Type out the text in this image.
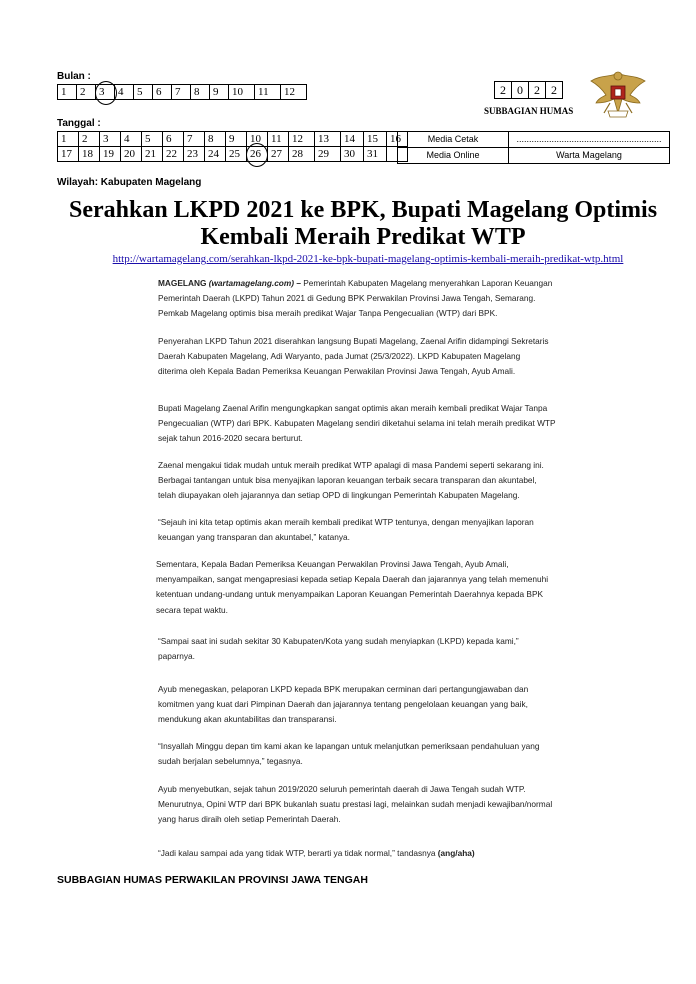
Bulan :
1	2	3	4	5	6	7	8	9	10	11	12
Tanggal :
1	2	3	4	5	6	7	8	9	10	11	12	13	14	15	16
17	18	19	20	21	22	23	24	25	26	27	28	29	30	31	
2	0	2	2
SUBBAGIAN HUMAS
Media Cetak	..........................................................
Media Online	Warta Magelang
Wilayah: Kabupaten Magelang
Serahkan LKPD 2021 ke BPK, Bupati Magelang Optimis
Kembali Meraih Predikat WTP
http://wartamagelang.com/serahkan-lkpd-2021-ke-bpk-bupati-magelang-optimis-kembali-meraih-predikat-wtp.html

MAGELANG (wartamagelang.com) – Pemerintah Kabupaten Magelang menyerahkan Laporan Keuangan

Pemerintah Daerah (LKPD) Tahun 2021 di Gedung BPK Perwakilan Provinsi Jawa Tengah, Semarang.

Pemkab Magelang optimis bisa meraih predikat Wajar Tanpa Pengecualian (WTP) dari BPK.

Penyerahan LKPD Tahun 2021 diserahkan langsung Bupati Magelang, Zaenal Arifin didampingi Sekretaris

Daerah Kabupaten Magelang, Adi Waryanto, pada Jumat (25/3/2022). LKPD Kabupaten Magelang

diterima oleh Kepala Badan Pemeriksa Keuangan Perwakilan Provinsi Jawa Tengah, Ayub Amali.

Bupati Magelang Zaenal Arifin mengungkapkan sangat optimis akan meraih kembali predikat Wajar Tanpa

Pengecualian (WTP) dari BPK. Kabupaten Magelang sendiri diketahui selama ini telah meraih predikat WTP

sejak tahun 2016-2020 secara berturut.

Zaenal mengakui tidak mudah untuk meraih predikat WTP apalagi di masa Pandemi seperti sekarang ini.

Berbagai tantangan untuk bisa menyajikan laporan keuangan terbaik secara transparan dan akuntabel,

telah diupayakan oleh jajarannya dan setiap OPD di lingkungan Pemerintah Kabupaten Magelang.

“Sejauh ini kita tetap optimis akan meraih kembali predikat WTP tentunya, dengan menyajikan laporan

keuangan yang transparan dan akuntabel,” katanya.

Sementara, Kepala Badan Pemeriksa Keuangan Perwakilan Provinsi Jawa Tengah, Ayub Amali,

menyampaikan, sangat mengapresiasi kepada setiap Kepala Daerah dan jajarannya yang telah memenuhi

ketentuan undang-undang untuk menyampaikan Laporan Keuangan Pemerintah Daerahnya kepada BPK

secara tepat waktu.

“Sampai saat ini sudah sekitar 30 Kabupaten/Kota yang sudah menyiapkan (LKPD) kepada kami,”

paparnya.

Ayub menegaskan, pelaporan LKPD kepada BPK merupakan cerminan dari pertangungjawaban dan

komitmen yang kuat dari Pimpinan Daerah dan jajarannya tentang pengelolaan keuangan yang baik,

mendukung akan akuntabilitas dan transparansi.

“Insyallah Minggu depan tim kami akan ke lapangan untuk melanjutkan pemeriksaan pendahuluan yang

sudah berjalan sebelumnya,” tegasnya.

Ayub menyebutkan, sejak tahun 2019/2020 seluruh pemerintah daerah di Jawa Tengah sudah WTP.

Menurutnya, Opini WTP dari BPK bukanlah suatu prestasi lagi, melainkan sudah menjadi kewajiban/normal

yang harus diraih oleh setiap Pemerintah Daerah.

“Jadi kalau sampai ada yang tidak WTP, berarti ya tidak normal,” tandasnya (ang/aha)

SUBBAGIAN HUMAS PERWAKILAN PROVINSI JAWA TENGAH
